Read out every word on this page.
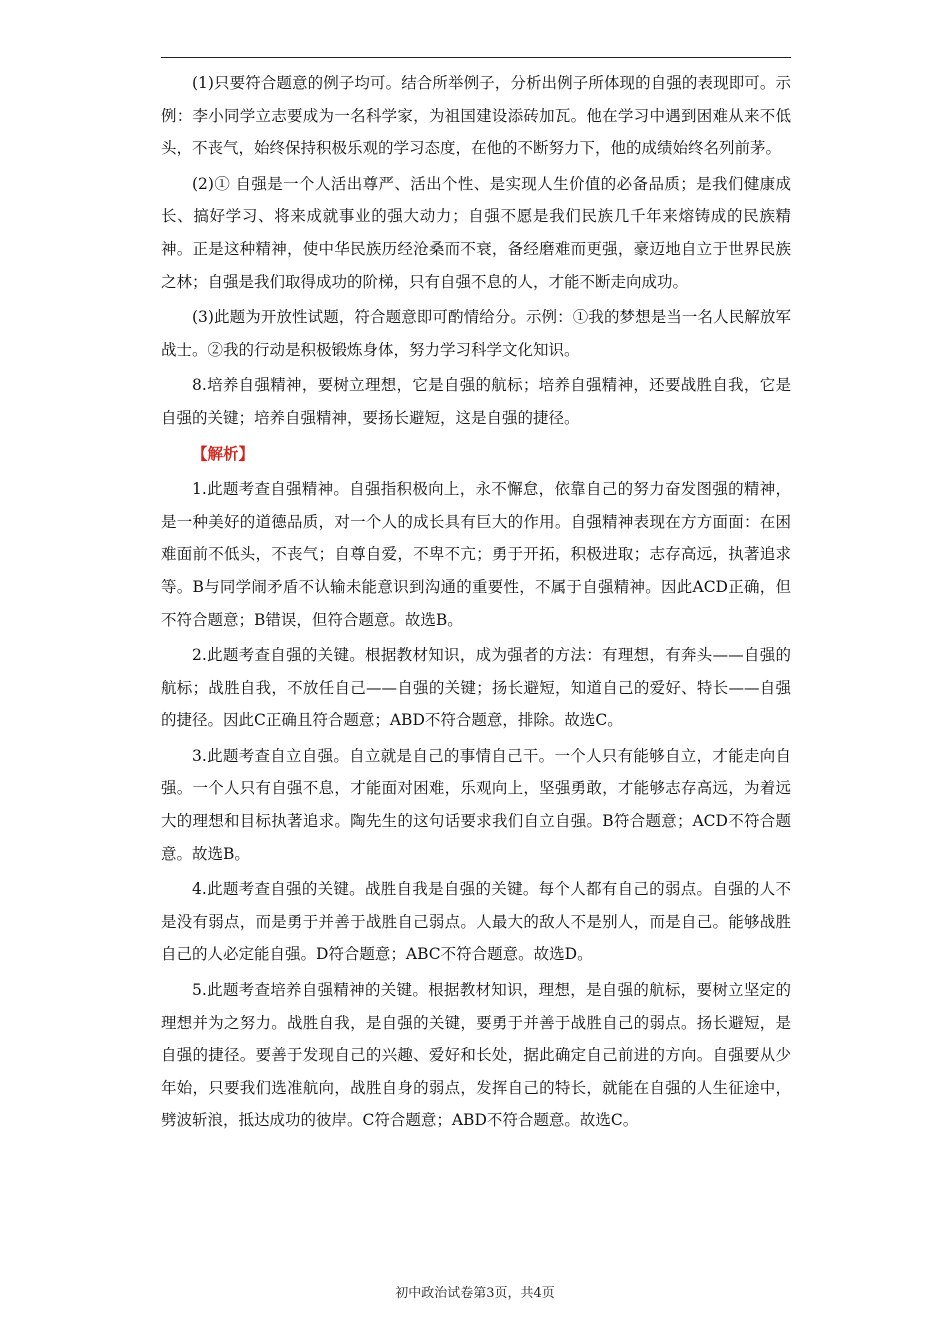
(1)只要符合题意的例子均可。结合所举例子，分析出例子所体现的自强的表现即可。示例：李小同学立志要成为一名科学家，为祖国建设添砖加瓦。他在学习中遇到困难从来不低头，不丧气，始终保持积极乐观的学习态度，在他的不断努力下，他的成绩始终名列前茅。

(2)① 自强是一个人活出尊严、活出个性、是实现人生价值的必备品质；是我们健康成长、搞好学习、将来成就事业的强大动力；自强不愿是我们民族几千年来熔铸成的民族精神。正是这种精神，使中华民族历经沧桑而不衰，备经磨难而更强，豪迈地自立于世界民族之林；自强是我们取得成功的阶梯，只有自强不息的人，才能不断走向成功。

(3)此题为开放性试题，符合题意即可酌情给分。示例：①我的梦想是当一名人民解放军战士。②我的行动是积极锻炼身体，努力学习科学文化知识。

8.培养自强精神，要树立理想，它是自强的航标；培养自强精神，还要战胜自我，它是自强的关键；培养自强精神，要扬长避短，这是自强的捷径。

【解析】

1.此题考查自强精神。自强指积极向上，永不懈怠，依靠自己的努力奋发图强的精神，是一种美好的道德品质，对一个人的成长具有巨大的作用。自强精神表现在方方面面：在困难面前不低头，不丧气；自尊自爱，不卑不亢；勇于开拓，积极进取；志存高远，执著追求等。B与同学闹矛盾不认输未能意识到沟通的重要性，不属于自强精神。因此ACD正确，但不符合题意；B错误，但符合题意。故选B。

2.此题考查自强的关键。根据教材知识，成为强者的方法：有理想，有奔头——自强的航标；战胜自我，不放任自己——自强的关键；扬长避短，知道自己的爱好、特长——自强的捷径。因此C正确且符合题意；ABD不符合题意，排除。故选C。

3.此题考查自立自强。自立就是自己的事情自己干。一个人只有能够自立，才能走向自强。一个人只有自强不息，才能面对困难，乐观向上，坚强勇敢，才能够志存高远，为着远大的理想和目标执著追求。陶先生的这句话要求我们自立自强。B符合题意；ACD不符合题意。故选B。

4.此题考查自强的关键。战胜自我是自强的关键。每个人都有自己的弱点。自强的人不是没有弱点，而是勇于并善于战胜自己弱点。人最大的敌人不是别人，而是自己。能够战胜自己的人必定能自强。D符合题意；ABC不符合题意。故选D。

5.此题考查培养自强精神的关键。根据教材知识，理想，是自强的航标，要树立坚定的理想并为之努力。战胜自我，是自强的关键，要勇于并善于战胜自己的弱点。扬长避短，是自强的捷径。要善于发现自己的兴趣、爱好和长处，据此确定自己前进的方向。自强要从少年始，只要我们选准航向，战胜自身的弱点，发挥自己的特长，就能在自强的人生征途中，劈波斩浪，抵达成功的彼岸。C符合题意；ABD不符合题意。故选C。

初中政治试卷第3页，共4页
